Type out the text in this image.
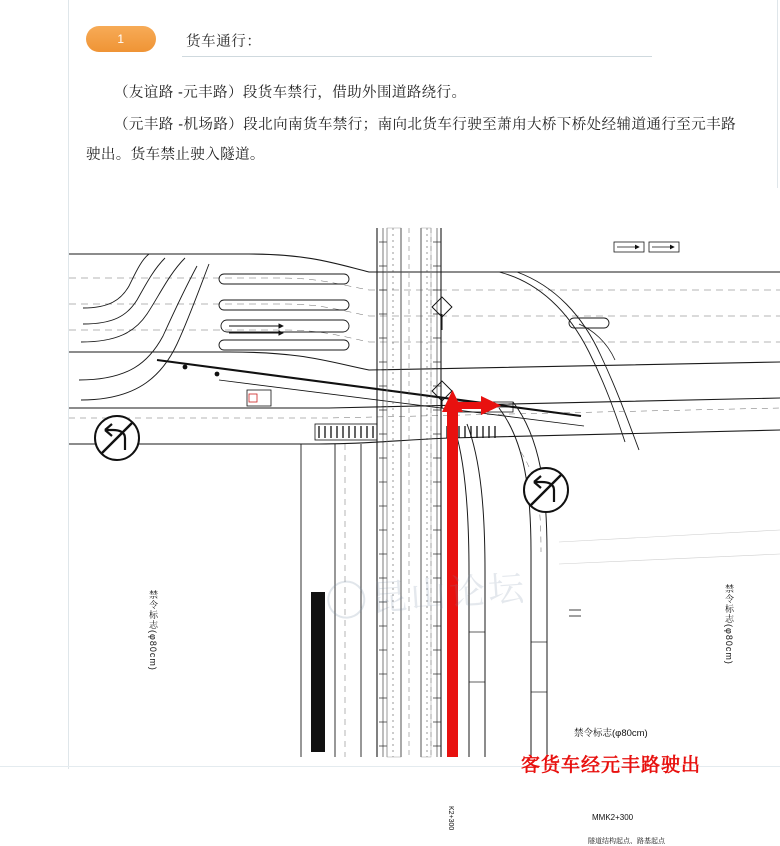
1	货车通行：

（友谊路 -元丰路）段货车禁行，借助外围道路绕行。

（元丰路 -机场路）段北向南货车禁行；南向北货车行驶至萧甪大桥下桥处经辅道通行至元丰路驶出。货车禁止驶入隧道。

昆山论坛
客货车经元丰路驶出
禁令标志(φ80cm)	禁令标志(φ80cm)
禁令标志(φ80cm)
MMK2+300
隧道结构起点、路基起点
K2+300
